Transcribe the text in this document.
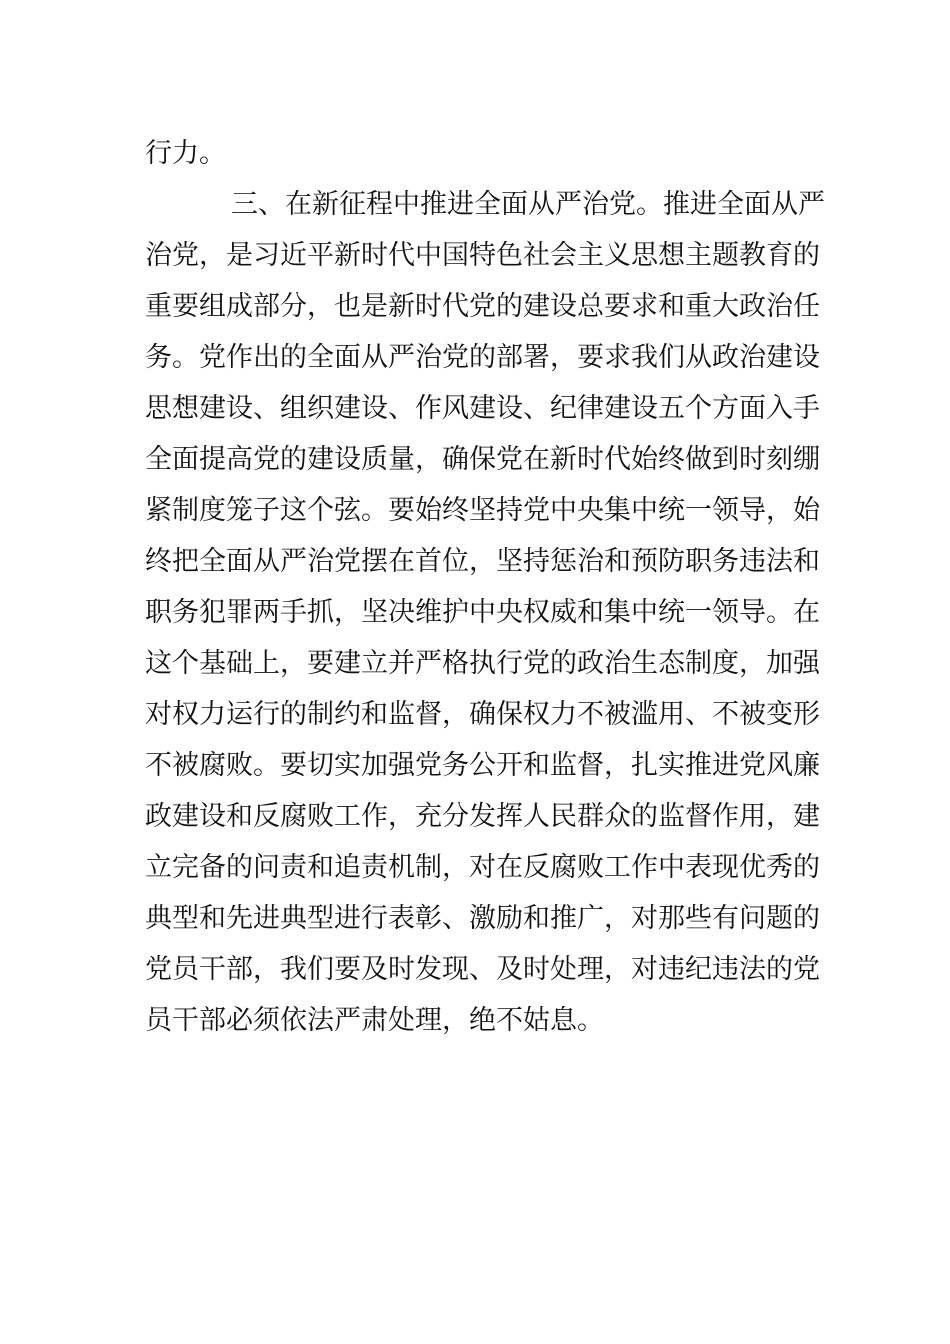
行力。
三、在新征程中推进全面从严治党。推进全面从严
治党，是习近平新时代中国特色社会主义思想主题教育的
重要组成部分，也是新时代党的建设总要求和重大政治任
务。党作出的全面从严治党的部署，要求我们从政治建设
思想建设、组织建设、作风建设、纪律建设五个方面入手
全面提高党的建设质量，确保党在新时代始终做到时刻绷
紧制度笼子这个弦。要始终坚持党中央集中统一领导，始
终把全面从严治党摆在首位，坚持惩治和预防职务违法和
职务犯罪两手抓，坚决维护中央权威和集中统一领导。在
这个基础上，要建立并严格执行党的政治生态制度，加强
对权力运行的制约和监督，确保权力不被滥用、不被变形
不被腐败。要切实加强党务公开和监督，扎实推进党风廉
政建设和反腐败工作，充分发挥人民群众的监督作用，建
立完备的问责和追责机制，对在反腐败工作中表现优秀的
典型和先进典型进行表彰、激励和推广，对那些有问题的
党员干部，我们要及时发现、及时处理，对违纪违法的党
员干部必须依法严肃处理，绝不姑息。
